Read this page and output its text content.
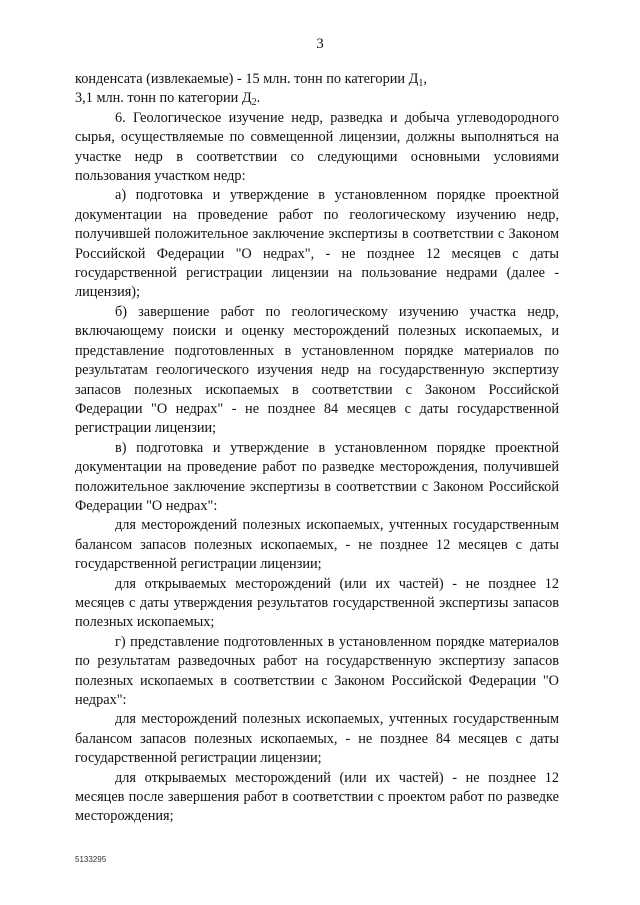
3

конденсата (извлекаемые) - 15 млн. тонн по категории $Д_1$,

3,1 млн. тонн по категории $Д_2$.

6. Геологическое изучение недр, разведка и добыча углеводородного сырья, осуществляемые по совмещенной лицензии, должны выполняться на участке недр в соответствии со следующими основными условиями пользования участком недр:

а) подготовка и утверждение в установленном порядке проектной документации на проведение работ по геологическому изучению недр, получившей положительное заключение экспертизы в соответствии с Законом Российской Федерации "О недрах", - не позднее 12 месяцев с даты государственной регистрации лицензии на пользование недрами (далее - лицензия);

б) завершение работ по геологическому изучению участка недр, включающему поиски и оценку месторождений полезных ископаемых, и представление подготовленных в установленном порядке материалов по результатам геологического изучения недр на государственную экспертизу запасов полезных ископаемых в соответствии с Законом Российской Федерации "О недрах" - не позднее 84 месяцев с даты государственной регистрации лицензии;

в) подготовка и утверждение в установленном порядке проектной документации на проведение работ по разведке месторождения, получившей положительное заключение экспертизы в соответствии с Законом Российской Федерации "О недрах":

для месторождений полезных ископаемых, учтенных государственным балансом запасов полезных ископаемых, - не позднее 12 месяцев с даты государственной регистрации лицензии;

для открываемых месторождений (или их частей) - не позднее 12 месяцев с даты утверждения результатов государственной экспертизы запасов полезных ископаемых;

г) представление подготовленных в установленном порядке материалов по результатам разведочных работ на государственную экспертизу запасов полезных ископаемых в соответствии с Законом Российской Федерации "О недрах":

для месторождений полезных ископаемых, учтенных государственным балансом запасов полезных ископаемых, - не позднее 84 месяцев с даты государственной регистрации лицензии;

для открываемых месторождений (или их частей) - не позднее 12 месяцев после завершения работ в соответствии с проектом работ по разведке месторождения;

5133295
